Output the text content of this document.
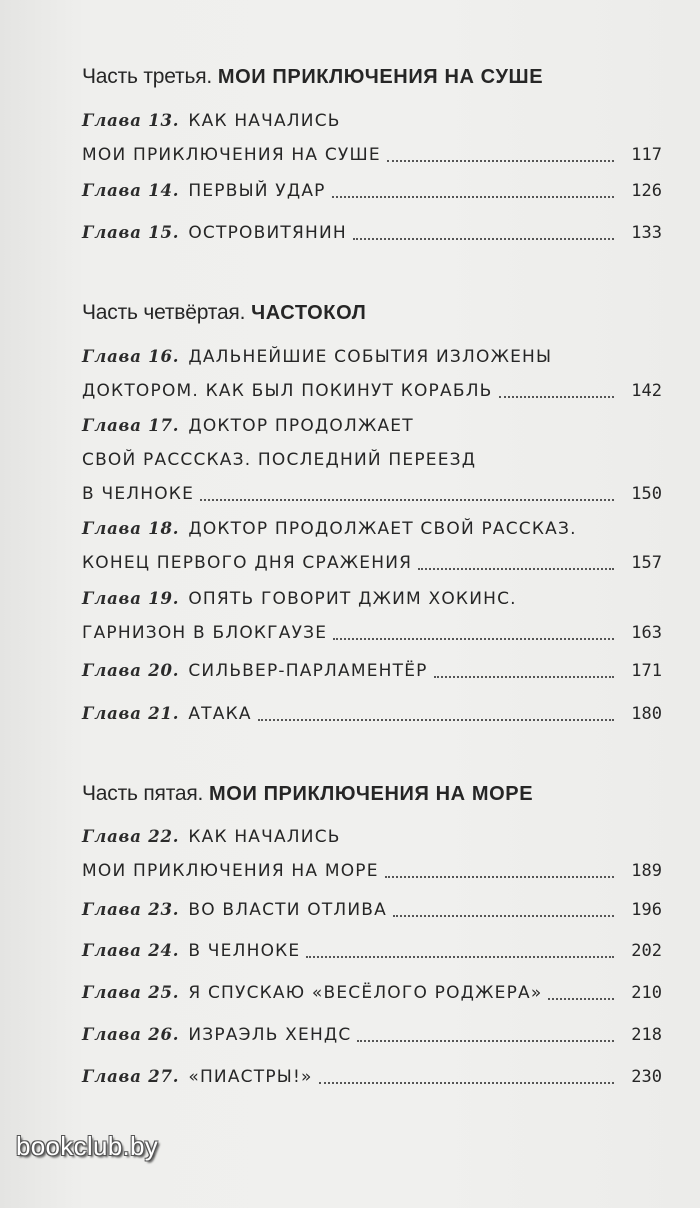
Часть третья. МОИ ПРИКЛЮЧЕНИЯ НА СУШЕ
Глава 13. КАК НАЧАЛИСЬ
МОИ ПРИКЛЮЧЕНИЯ НА СУШЕ	117
Глава 14. ПЕРВЫЙ УДАР	126
Глава 15. ОСТРОВИТЯНИН	133
Часть четвёртая. ЧАСТОКОЛ
Глава 16. ДАЛЬНЕЙШИЕ СОБЫТИЯ ИЗЛОЖЕНЫ
ДОКТОРОМ. КАК БЫЛ ПОКИНУТ КОРАБЛЬ	142
Глава 17. ДОКТОР ПРОДОЛЖАЕТ
СВОЙ РАСССКАЗ. ПОСЛЕДНИЙ ПЕРЕЕЗД
В ЧЕЛНОКЕ	150
Глава 18. ДОКТОР ПРОДОЛЖАЕТ СВОЙ РАССКАЗ.
КОНЕЦ ПЕРВОГО ДНЯ СРАЖЕНИЯ	157
Глава 19. ОПЯТЬ ГОВОРИТ ДЖИМ ХОКИНС.
ГАРНИЗОН В БЛОКГАУЗЕ	163
Глава 20. СИЛЬВЕР-ПАРЛАМЕНТЁР	171
Глава 21. АТАКА	180
Часть пятая. МОИ ПРИКЛЮЧЕНИЯ НА МОРЕ
Глава 22. КАК НАЧАЛИСЬ
МОИ ПРИКЛЮЧЕНИЯ НА МОРЕ	189
Глава 23. ВО ВЛАСТИ ОТЛИВА	196
Глава 24. В ЧЕЛНОКЕ	202
Глава 25. Я СПУСКАЮ «ВЕСЁЛОГО РОДЖЕРА»	210
Глава 26. ИЗРАЭЛЬ ХЕНДС	218
Глава 27. «ПИАСТРЫ!»	230
bookclub.by
